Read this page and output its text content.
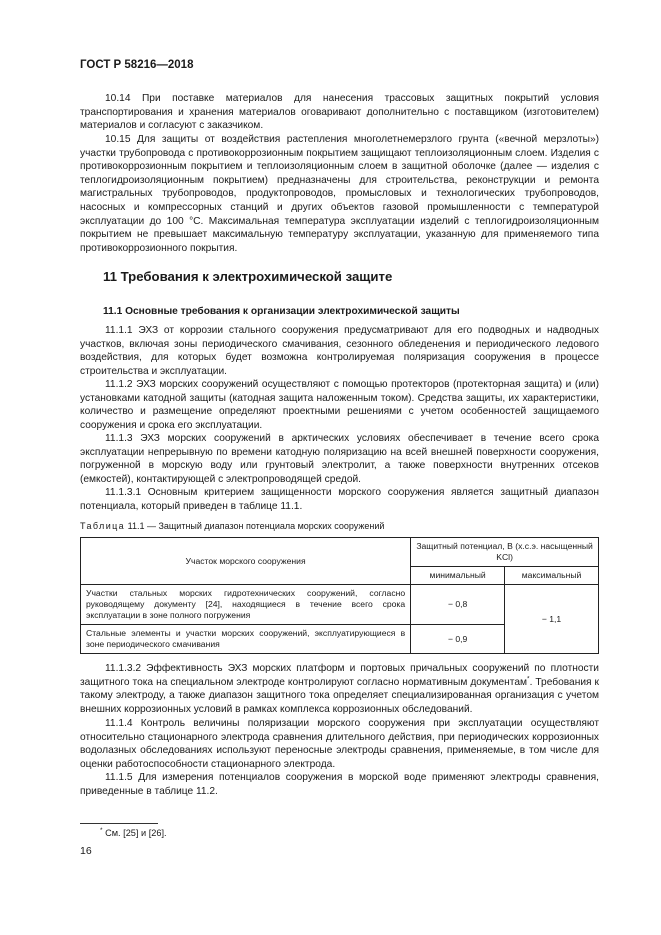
ГОСТ Р 58216—2018

10.14 При поставке материалов для нанесения трассовых защитных покрытий условия транспортирования и хранения материалов оговаривают дополнительно с поставщиком (изготовителем) материалов и согласуют с заказчиком.

10.15 Для защиты от воздействия растепления многолетнемерзлого грунта («вечной мерзлоты») участки трубопровода с противокоррозионным покрытием защищают теплоизоляционным слоем. Изделия с противокоррозионным покрытием и теплоизоляционным слоем в защитной оболочке (далее — изделия с теплогидроизоляционным покрытием) предназначены для строительства, реконструкции и ремонта магистральных трубопроводов, продуктопроводов, промысловых и технологических трубопроводов, насосных и компрессорных станций и других объектов газовой промышленности с температурой эксплуатации до 100 °С. Максимальная температура эксплуатации изделий с теплогидроизоляционным покрытием не превышает максимальную температуру эксплуатации, указанную для применяемого типа противокоррозионного покрытия.

11 Требования к электрохимической защите
11.1 Основные требования к организации электрохимической защиты

11.1.1 ЭХЗ от коррозии стального сооружения предусматривают для его подводных и надводных участков, включая зоны периодического смачивания, сезонного обледенения и периодического ледового воздействия, для которых будет возможна контролируемая поляризация сооружения в процессе строительства и эксплуатации.

11.1.2 ЭХЗ морских сооружений осуществляют с помощью протекторов (протекторная защита) и (или) установками катодной защиты (катодная защита наложенным током). Средства защиты, их характеристики, количество и размещение определяют проектными решениями с учетом особенностей защищаемого сооружения и срока его эксплуатации.

11.1.3 ЭХЗ морских сооружений в арктических условиях обеспечивает в течение всего срока эксплуатации непрерывную по времени катодную поляризацию на всей внешней поверхности сооружения, погруженной в морскую воду или грунтовый электролит, а также поверхности внутренних отсеков (емкостей), контактирующей с электропроводящей средой.

11.1.3.1 Основным критерием защищенности морского сооружения является защитный диапазон потенциала, который приведен в таблице 11.1.

Таблица 11.1 — Защитный диапазон потенциала морских сооружений
Участок морского сооружения	Защитный потенциал, В (х.с.э. насыщенный KCl)	
	минимальный	максимальный
Участки стальных морских гидротехнических сооружений, согласно руководящему документу [24], находящиеся в течение всего срока эксплуатации в зоне полного погружения	− 0,8	− 1,1
Стальные элементы и участки морских сооружений, эксплуатирующиеся в зоне периодического смачивания	− 0,9	

11.1.3.2 Эффективность ЭХЗ морских платформ и портовых причальных сооружений по плотности защитного тока на специальном электроде контролируют согласно нормативным документам*. Требования к такому электроду, а также диапазон защитного тока определяет специализированная организация с учетом внешних коррозионных условий в рамках комплекса коррозионных обследований.

11.1.4 Контроль величины поляризации морского сооружения при эксплуатации осуществляют относительно стационарного электрода сравнения длительного действия, при периодических коррозионных водолазных обследованиях используют переносные электроды сравнения, применяемые, в том числе для оценки работоспособности стационарного электрода.

11.1.5 Для измерения потенциалов сооружения в морской воде применяют электроды сравнения, приведенные в таблице 11.2.

* См. [25] и [26].
16
